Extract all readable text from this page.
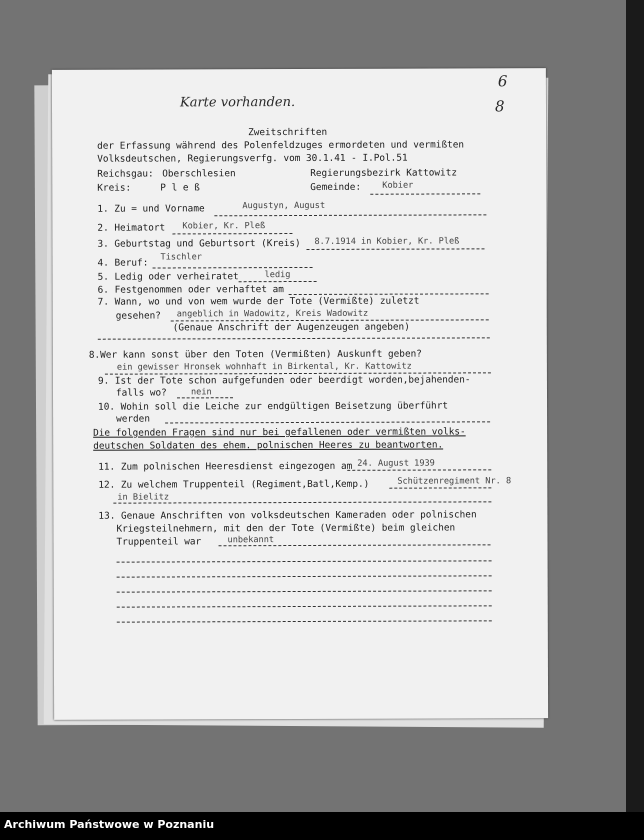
Karte vorhanden.
6
8
Zweitschriften
der Erfassung während des Polenfeldzuges ermordeten und vermißten
Volksdeutschen, Regierungsverfg. vom 30.1.41 - I.Pol.51
Reichsgau: Oberschlesien	Regierungsbezirk Kattowitz
Kreis:	P l e ß	Gemeinde: Kobier
1. Zu = und Vorname	Augustyn, August
2. Heimatort Kobier, Kr. Pleß
3. Geburtstag und Geburtsort (Kreis) 8.7.1914 in Kobier, Kr. Pleß
4. Beruf:
Tischler
5. Ledig oder verheiratet	ledig
6. Festgenommen oder verhaftet am
7. Wann, wo und von wem wurde der Tote (Vermißte) zuletzt
gesehen? angeblich in Wadowitz, Kreis Wadowitz
(Genaue Anschrift der Augenzeugen angeben)
8.Wer kann sonst über den Toten (Vermißten) Auskunft geben?
ein gewisser Hronsek wohnhaft in Birkental, Kr. Kattowitz
9. Ist der Tote schon aufgefunden oder beerdigt worden,bejahenden-
falls wo?	nein
10. Wohin soll die Leiche zur endgültigen Beisetzung überführt
werden
Die folgenden Fragen sind nur bei gefallenen oder vermißten volks-
deutschen Soldaten des ehem. polnischen Heeres zu beantworten.
11. Zum polnischen Heeresdienst eingezogen am 24. August 1939
12. Zu welchem Truppenteil (Regiment,Batl,Kemp.)	Schützenregiment Nr. 8
in Bielitz
13. Genaue Anschriften von volksdeutschen Kameraden oder polnischen
Kriegsteilnehmern, mit den der Tote (Vermißte) beim gleichen
Truppenteil war	unbekannt
Archiwum Państwowe w Poznaniu
